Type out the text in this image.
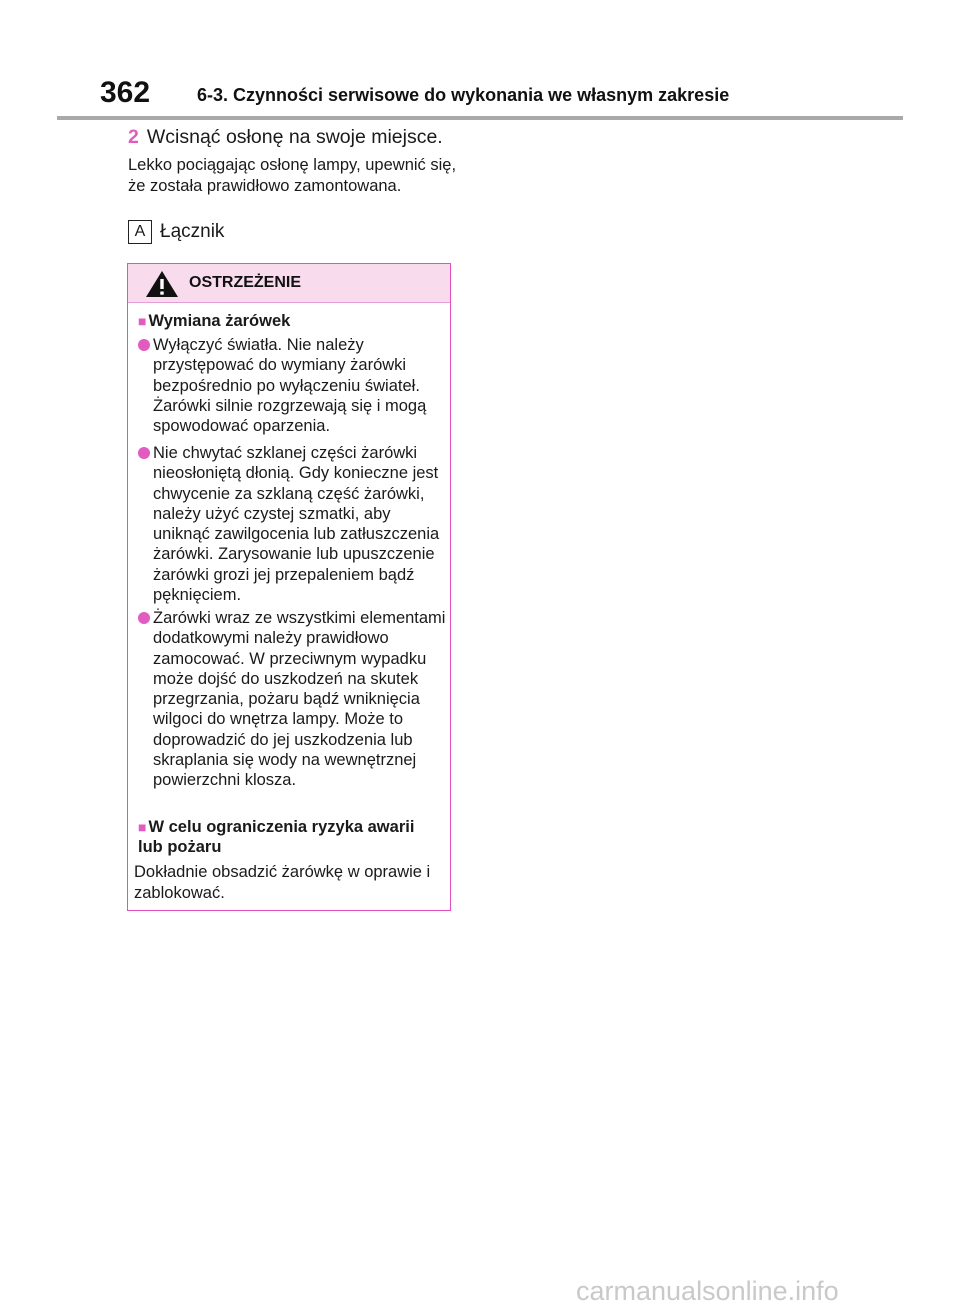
362	6-3. Czynności serwisowe do wykonania we własnym zakresie
2 Wcisnąć osłonę na swoje miejsce.
Lekko pociągając osłonę lampy, upewnić się, że została prawidłowo zamontowana.
A Łącznik
OSTRZEŻENIE
■ Wymiana żarówek
Wyłączyć światła. Nie należy przystępować do wymiany żarówki bezpośrednio po wyłączeniu świateł. Żarówki silnie rozgrzewają się i mogą spowodować oparzenia.
Nie chwytać szklanej części żarówki nieosłoniętą dłonią. Gdy konieczne jest chwycenie za szklaną część żarówki, należy użyć czystej szmatki, aby uniknąć zawilgocenia lub zatłuszczenia żarówki. Zarysowanie lub upuszczenie żarówki grozi jej przepaleniem bądź pęknięciem.
Żarówki wraz ze wszystkimi elementami dodatkowymi należy prawidłowo zamocować. W przeciwnym wypadku może dojść do uszkodzeń na skutek przegrzania, pożaru bądź wniknięcia wilgoci do wnętrza lampy. Może to doprowadzić do jej uszkodzenia lub skraplania się wody na wewnętrznej powierzchni klosza.
■ W celu ograniczenia ryzyka awarii lub pożaru
Dokładnie obsadzić żarówkę w oprawie i zablokować.
carmanualsonline.info
